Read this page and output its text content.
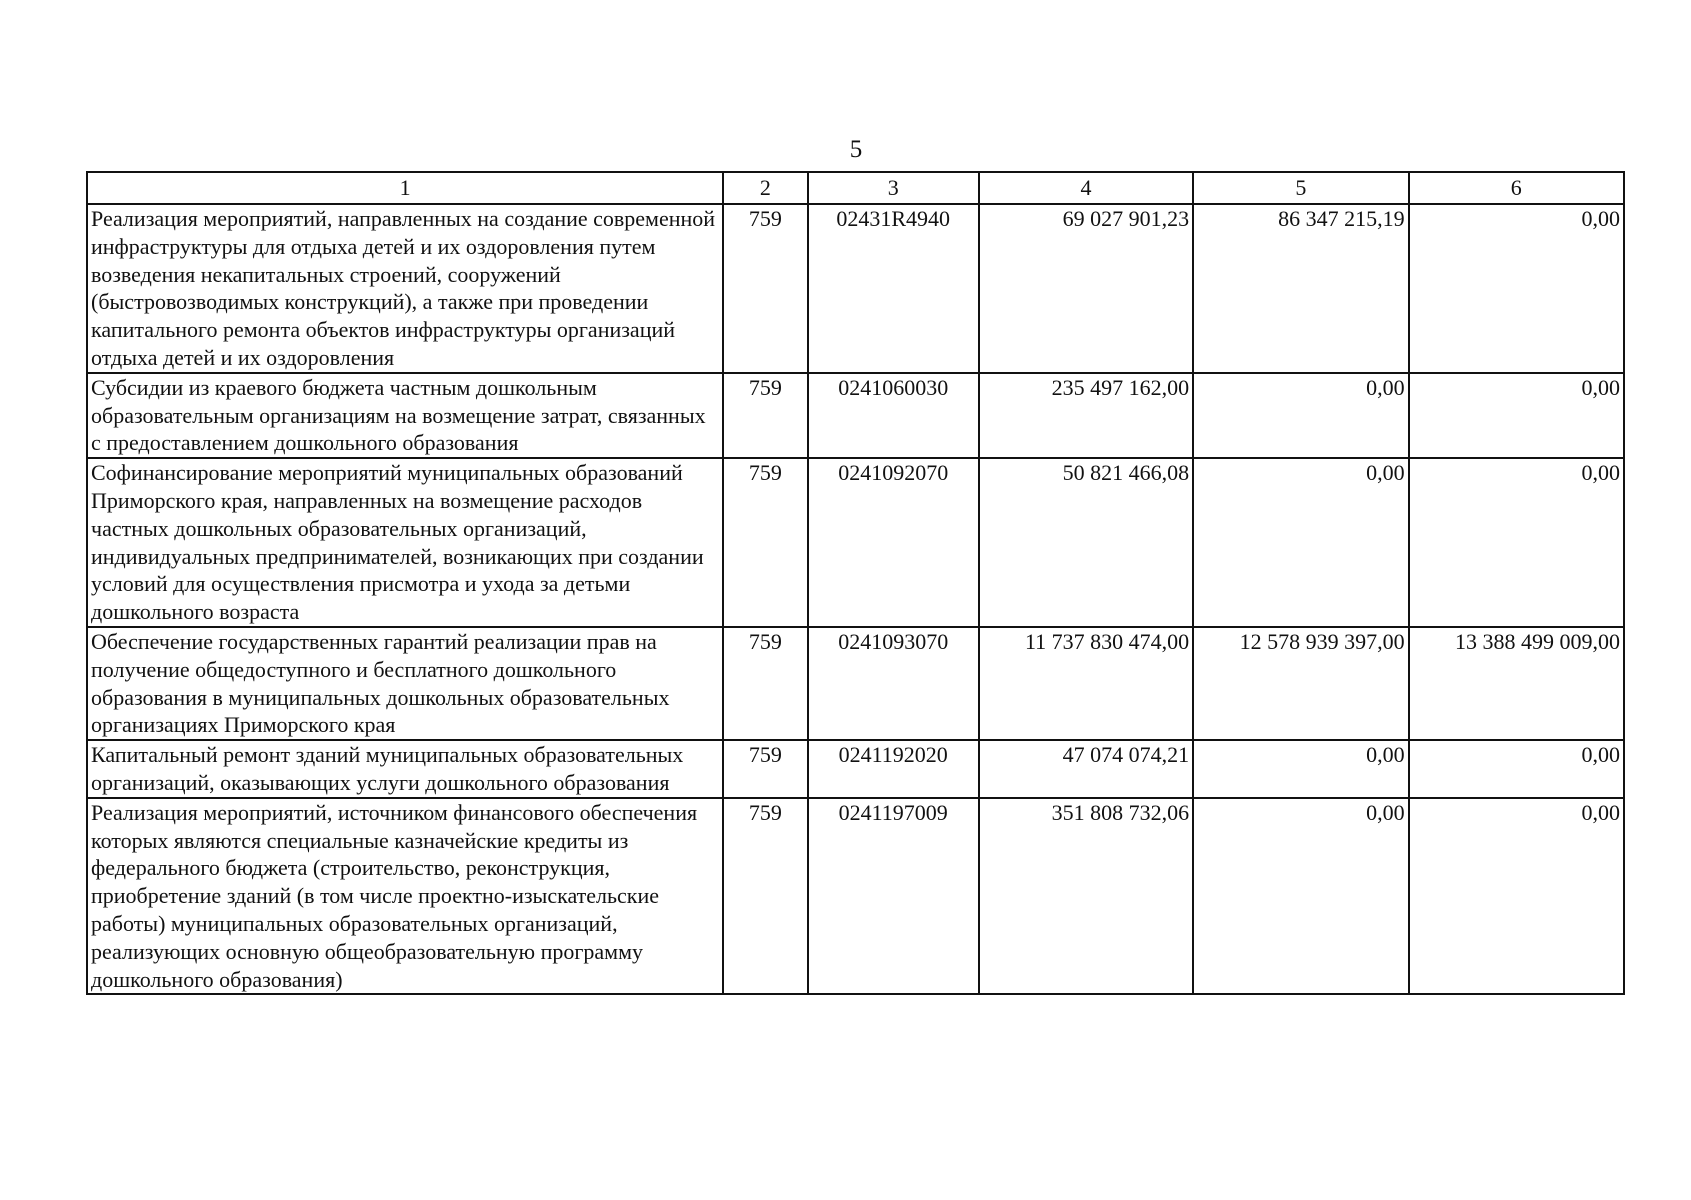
5
1	2	3	4	5	6
Реализация мероприятий, направленных на создание современной инфраструктуры для отдыха детей и их оздоровления путем возведения некапитальных строений, сооружений (быстровозводимых конструкций), а также при проведении капитального ремонта объектов инфраструктуры организаций отдыха детей и их оздоровления	759	02431R4940	69 027 901,23	86 347 215,19	0,00
Субсидии из краевого бюджета частным дошкольным образовательным организациям на возмещение затрат, связанных с предоставлением дошкольного образования	759	0241060030	235 497 162,00	0,00	0,00
Софинансирование мероприятий муниципальных образований Приморского края, направленных на возмещение расходов частных дошкольных образовательных организаций, индивидуальных предпринимателей, возникающих при создании условий для осуществления присмотра и ухода за детьми дошкольного возраста	759	0241092070	50 821 466,08	0,00	0,00
Обеспечение государственных гарантий реализации прав на получение общедоступного и бесплатного дошкольного образования в муниципальных дошкольных образовательных организациях Приморского края	759	0241093070	11 737 830 474,00	12 578 939 397,00	13 388 499 009,00
Капитальный ремонт зданий муниципальных образовательных организаций, оказывающих услуги дошкольного образования	759	0241192020	47 074 074,21	0,00	0,00
Реализация мероприятий, источником финансового обеспечения которых являются специальные казначейские кредиты из федерального бюджета (строительство, реконструкция, приобретение зданий (в том числе проектно-изыскательские работы) муниципальных образовательных организаций, реализующих основную общеобразовательную программу дошкольного образования)	759	0241197009	351 808 732,06	0,00	0,00
